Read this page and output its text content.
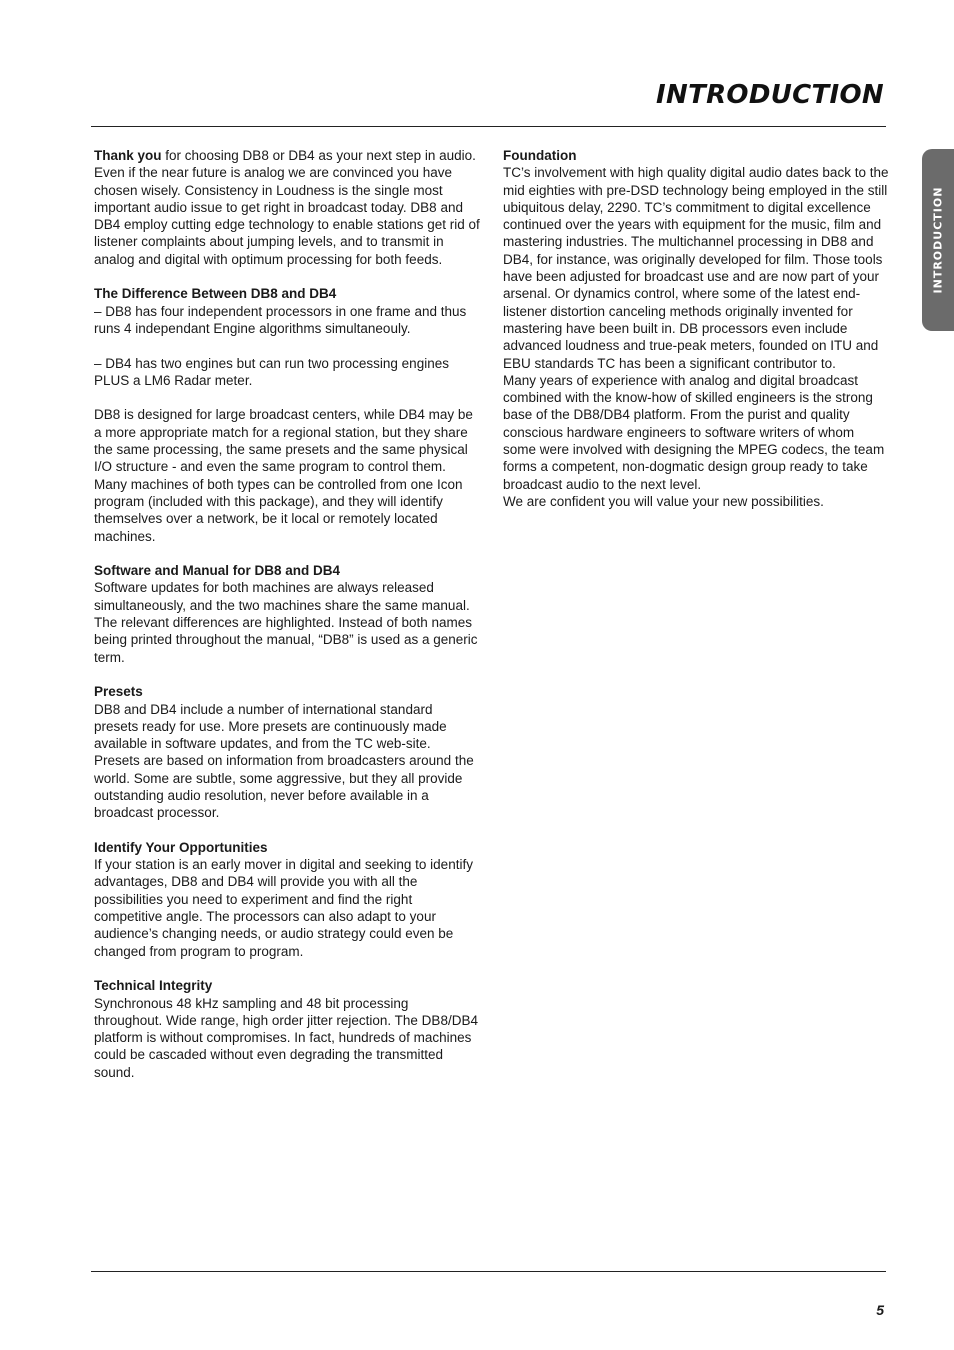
INTRODUCTION
INTRODUCTION

Thank you for choosing DB8 or DB4 as your next step in audio. Even if the near future is analog we are convinced you have chosen wisely. Consistency in Loudness is the single most important audio issue to get right in broadcast today. DB8 and DB4 employ cutting edge technology to enable stations get rid of listener complaints about jumping levels, and to transmit in analog and digital with optimum processing for both feeds.

The Difference Between DB8 and DB4

– DB8 has four independent processors in one frame and thus runs 4 independant Engine algorithms simultaneouly.

– DB4 has two engines but can run two processing engines PLUS a LM6 Radar meter.

DB8 is designed for large broadcast centers, while DB4 may be a more appropriate match for a regional station, but they share the same processing, the same presets and the same physical I/O structure - and even the same program to control them. Many machines of both types can be controlled from one Icon program (included with this package), and they will identify themselves over a network, be it local or remotely located machines.

Software and Manual for DB8 and DB4

Software updates for both machines are always released simultaneously, and the two machines share the same manual. The relevant differences are highlighted. Instead of both names being printed throughout the manual, “DB8” is used as a generic term.

Presets

DB8 and DB4 include a number of international standard presets ready for use. More presets are continuously made available in software updates, and from the TC web-site. Presets are based on information from broadcasters around the world. Some are subtle, some aggressive, but they all provide outstanding audio resolution, never before available in a broadcast processor.

Identify Your Opportunities

If your station is an early mover in digital and seeking to identify advantages, DB8 and DB4 will provide you with all the possibilities you need to experiment and find the right competitive angle. The processors can also adapt to your audience’s changing needs, or audio strategy could even be changed from program to program.

Technical Integrity

Synchronous 48 kHz sampling and 48 bit processing throughout. Wide range, high order jitter rejection. The DB8/DB4 platform is without compromises. In fact, hundreds of machines could be cascaded without even degrading the transmitted sound.

Foundation

TC’s involvement with high quality digital audio dates back to the mid eighties with pre-DSD technology being employed in the still ubiquitous delay, 2290. TC’s commitment to digital excellence continued over the years with equipment for the music, film and mastering industries. The multichannel processing in DB8 and DB4, for instance, was originally developed for film. Those tools have been adjusted for broadcast use and are now part of your arsenal. Or dynamics control, where some of the latest end-listener distortion canceling methods originally invented for mastering have been built in. DB processors even include advanced loudness and true-peak meters, founded on ITU and EBU standards TC has been a significant contributor to.

Many years of experience with analog and digital broadcast combined with the know-how of skilled engineers is the strong base of the DB8/DB4 platform. From the purist and quality conscious hardware engineers to software writers of whom some were involved with designing the MPEG codecs, the team forms a competent, non-dogmatic design group ready to take broadcast audio to the next level.

We are confident you will value your new possibilities.

5
